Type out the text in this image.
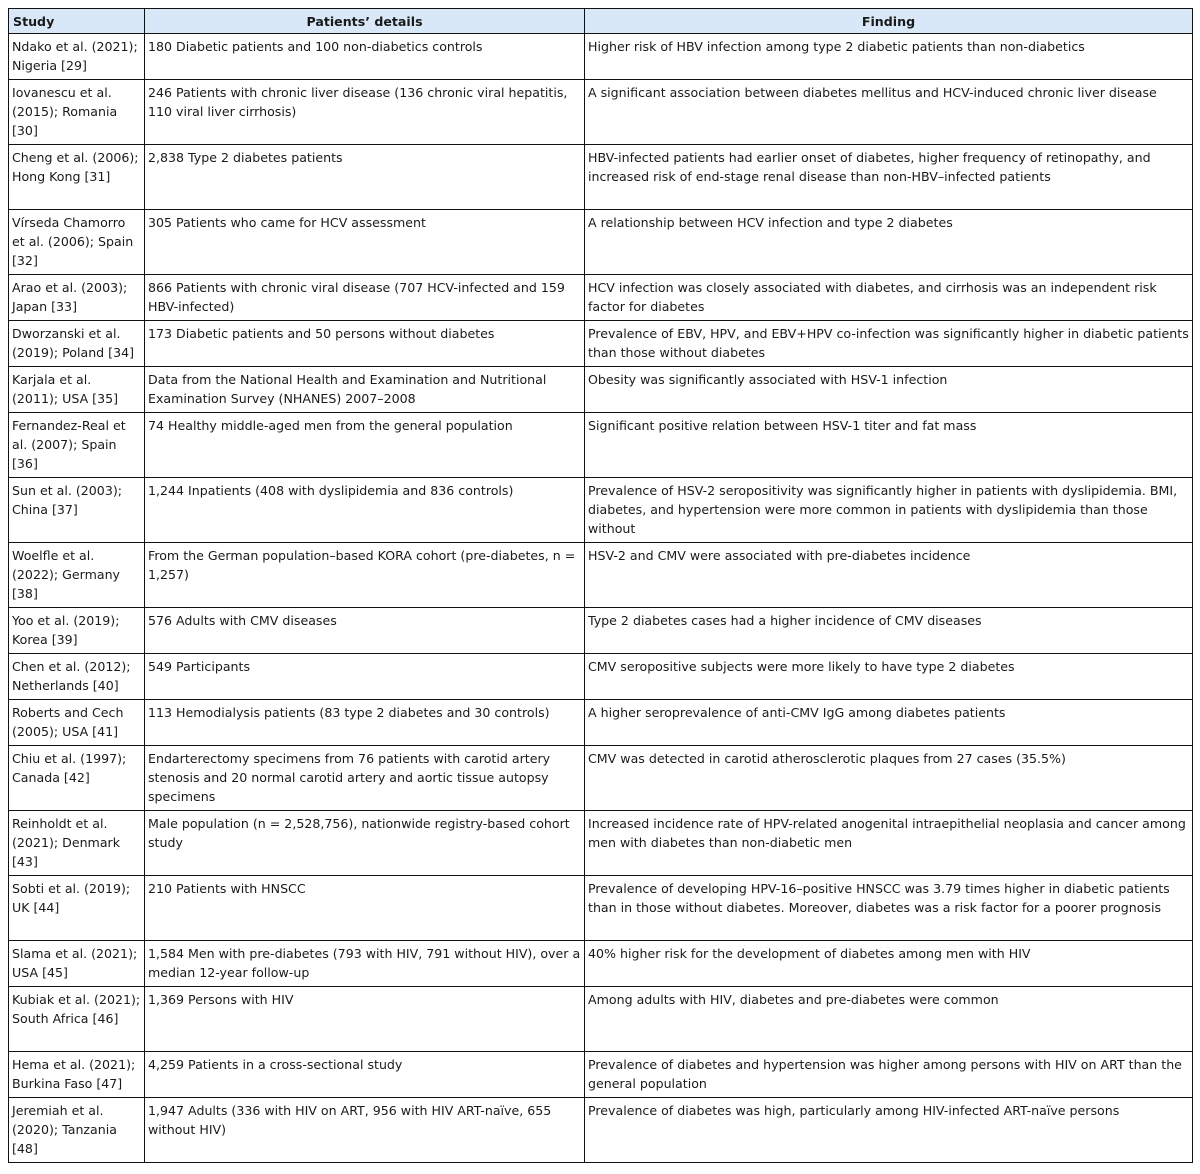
Study	Patients’ details	Finding
Ndako et al. (2021); Nigeria [29]	180 Diabetic patients and 100 non-diabetics controls	Higher risk of HBV infection among type 2 diabetic patients than non-diabetics
Iovanescu et al. (2015); Romania [30]	246 Patients with chronic liver disease (136 chronic viral hepatitis, 110 viral liver cirrhosis)	A significant association between diabetes mellitus and HCV-induced chronic liver disease
Cheng et al. (2006); Hong Kong [31]	2,838 Type 2 diabetes patients	HBV-infected patients had earlier onset of diabetes, higher frequency of retinopathy, and increased risk of end-stage renal disease than non-HBV–infected patients
Vírseda Chamorro et al. (2006); Spain [32]	305 Patients who came for HCV assessment	A relationship between HCV infection and type 2 diabetes
Arao et al. (2003); Japan [33]	866 Patients with chronic viral disease (707 HCV-infected and 159 HBV-infected)	HCV infection was closely associated with diabetes, and cirrhosis was an independent risk factor for diabetes
Dworzanski et al. (2019); Poland [34]	173 Diabetic patients and 50 persons without diabetes	Prevalence of EBV, HPV, and EBV+HPV co-infection was significantly higher in diabetic patients than those without diabetes
Karjala et al. (2011); USA [35]	Data from the National Health and Examination and Nutritional Examination Survey (NHANES) 2007–2008	Obesity was significantly associated with HSV-1 infection
Fernandez-Real et al. (2007); Spain [36]	74 Healthy middle-aged men from the general population	Significant positive relation between HSV-1 titer and fat mass
Sun et al. (2003); China [37]	1,244 Inpatients (408 with dyslipidemia and 836 controls)	Prevalence of HSV-2 seropositivity was significantly higher in patients with dyslipidemia. BMI, diabetes, and hypertension were more common in patients with dyslipidemia than those without
Woelfle et al. (2022); Germany [38]	From the German population–based KORA cohort (pre-diabetes, n = 1,257)	HSV-2 and CMV were associated with pre-diabetes incidence
Yoo et al. (2019); Korea [39]	576 Adults with CMV diseases	Type 2 diabetes cases had a higher incidence of CMV diseases
Chen et al. (2012); Netherlands [40]	549 Participants	CMV seropositive subjects were more likely to have type 2 diabetes
Roberts and Cech (2005); USA [41]	113 Hemodialysis patients (83 type 2 diabetes and 30 controls)	A higher seroprevalence of anti-CMV IgG among diabetes patients
Chiu et al. (1997); Canada [42]	Endarterectomy specimens from 76 patients with carotid artery stenosis and 20 normal carotid artery and aortic tissue autopsy specimens	CMV was detected in carotid atherosclerotic plaques from 27 cases (35.5%)
Reinholdt et al. (2021); Denmark [43]	Male population (n = 2,528,756), nationwide registry-based cohort study	Increased incidence rate of HPV-related anogenital intraepithelial neoplasia and cancer among men with diabetes than non-diabetic men
Sobti et al. (2019); UK [44]	210 Patients with HNSCC	Prevalence of developing HPV-16–positive HNSCC was 3.79 times higher in diabetic patients than in those without diabetes. Moreover, diabetes was a risk factor for a poorer prognosis
Slama et al. (2021); USA [45]	1,584 Men with pre-diabetes (793 with HIV, 791 without HIV), over a median 12-year follow-up	40% higher risk for the development of diabetes among men with HIV
Kubiak et al. (2021); South Africa [46]	1,369 Persons with HIV	Among adults with HIV, diabetes and pre-diabetes were common
Hema et al. (2021); Burkina Faso [47]	4,259 Patients in a cross-sectional study	Prevalence of diabetes and hypertension was higher among persons with HIV on ART than the general population
Jeremiah et al. (2020); Tanzania [48]	1,947 Adults (336 with HIV on ART, 956 with HIV ART-naïve, 655 without HIV)	Prevalence of diabetes was high, particularly among HIV-infected ART-naïve persons
